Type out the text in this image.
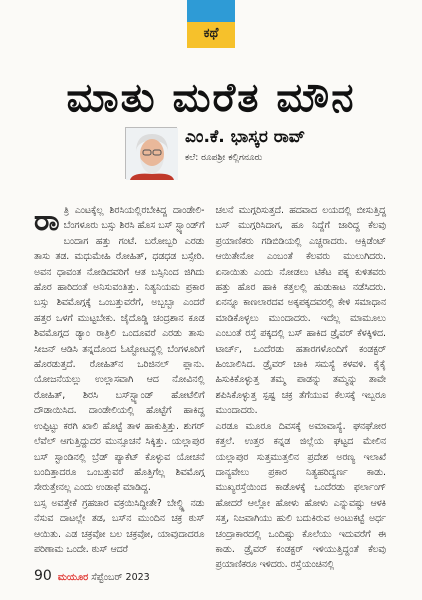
ಕಥೆ
ಮಾತು ಮರೆತ ಮೌನ
ಎಂ.ಕೆ. ಭಾಸ್ಕರ ರಾವ್
ಕಲೆ: ರೂಪಶ್ರೀ ಕಲ್ಲಿಗನೂರು

ರಾತ್ರಿ ಎಂಟಕ್ಕೆಲ್ಲ ಶಿರಸಿಯಲ್ಲಿರಬೇಕಿದ್ದ ದಾಂಡೇಲಿ-ಬೆಂಗಳೂರು ಬಸ್ಸು ಶಿರಸಿ ಹೊಸ ಬಸ್ ಸ್ಟ್ಯಾಂಡ್‌ಗೆ ಬಂದಾಗ ಹತ್ತು ಗಂಟೆ. ಬರೋಬ್ಬರಿ ಎರಡು ತಾಸು ತಡ. ಮಧುಮೇಹಿ ರೋಹಿತ್, ಧಡಧಡ ಬಸ್ಸೇರಿ. ಅವನ ಧಾವಂತ ನೋಡಿದವರಿಗೆ ಆತ ಬಸ್ಸಿನಿಂದ ಜಿಗಿದು ಹೊರ ಹಾರಿದಂತೆ ಅನಿಸುವಂತಿತ್ತು. ನಿತ್ಯನಿಯಮ ಪ್ರಕಾರ ಬಸ್ಸು ಶಿವಮೊಗ್ಗಕ್ಕೆ ಒಂಬತ್ತುವರೆಗೆ, ಅಬ್ಬಬ್ಬಾ ಎಂದರೆ ಹತ್ತರ ಒಳಗೆ ಮುಟ್ಟಬೇಕು. ಜೈದೊಡ್ಡಿ ಚಂದ್ರಶಾನ ಕೂಡ ಶಿವಮೊಗ್ಗದ ಡ್ಯಾಂ ರಾತ್ರಿಲಿ ಒಂದೂವರೆ ಎರಡು ತಾಸು ಸೀಜನ್ ಆಡಿಸಿ ತನ್ನದೊಂದ ಓಟ್ಟೋಟದ್ದಲ್ಲಿ ಬೆಂಗಳೂರಿಗೆ ಹೊರಡುತ್ತದೆ. ರೋಹಿತ್‌ನ ಒರಿಜಿನಲ್ ಪ್ಲಾನು. ಯೋಜನೆಯಲ್ಲು ಉಲ್ಲಾಸವಾಗಿ ಆದ ನೋವಿನಲ್ಲಿ ರೋಹಿತ್, ಶಿರಸಿ ಬಸ್‌ಸ್ಟ್ಯಾಂಡ್ ಹೋಟೆಲಿಗೆ ದೌಡಾಯಿಸಿದ. ದಾಂಡೇಲಿಯಲ್ಲಿ ಹೊಟ್ಟೆಗೆ ಹಾಕಿದ್ದ ಉಪ್ಪಿಟ್ಟು ಕರಗಿ ಖಾಲಿ ಹೊಟ್ಟೆ ತಾಳ ಹಾಕುತ್ತಿತ್ತು. ಶುಗರ್ ಲೆವೆಲ್ ಆಗುತ್ತಿದ್ದುದರ ಮುನ್ಸೂಚನೆ ಸಿಕ್ಕಿತ್ತು. ಯಲ್ಲಾಪುರ ಬಸ್ ಸ್ಟಾಂಡಿನಲ್ಲಿ ಬ್ರೆಡ್ ಪ್ಯಾಕೆಟ್ ಕೊಳ್ಳುವ ಯೋಚನೆ ಬಂದಿತ್ತಾದರೂ ಒಂಬತ್ತುವರೆ ಹೊತ್ತಿಗೆಲ್ಲ ಶಿವಮೊಗ್ಗ ಸೇರುತ್ತೇನಲ್ಲ ಎಂದು ಉಡಾಫೆ ಮಾಡಿದ್ದ.

ಬಸ್ಸ ಅವತ್ತೇಕೆ ಗ್ರಹಚಾರ ವಕ್ರಯಿಸಿದ್ದೀತೇ? ಬೇಲ್ಡ್ಡಿ ನಡು ನೆಸುವ ದಾಟಲ್ಲೇ ತಡ, ಬಸ್‌ನ ಮುಂದಿನ ಚಕ್ರ ಠುಸ್ ಆಯಿತು. ಎಡ ಚಕ್ರವೋ ಬಲ ಚಕ್ರವೋ, ಯಾವುದಾದರೂ ಪರಿಣಾಮ ಒಂದೇ. ಠುಸ್ ಆದರೆ

ಚಲನೆ ಮುಗ್ಗರಿಸುತ್ತದೆ. ಹದವಾದ ಲಯದಲ್ಲಿ ಬೀಸುತ್ತಿದ್ದ ಬಸ್ ಮುಗ್ಗರಿಸಿದಾಗ, ಹೂ ನಿದ್ದೆಗೆ ಜಾರಿದ್ದ ಕೆಲವು ಪ್ರಯಾಣಿಕರು ಗಡಿಬಿಡಿಯಲ್ಲಿ ಎಚ್ಚರಾದರು. ಆಕ್ಸಿಡೆಂಟ್ ಆಯಿತೇನೋ ಎಂಬಂತೆ ಕೆಲವರು ಮುಲುಗಿದರು. ಏನಾಯಿತು ಎಂದು ನೋಡಲು ಟಿಕೆಟ ಪಕ್ಕ ಕುಳಿತವರು ಹತ್ತು ಹೊರ ಹಾಕಿ ಕತ್ತಲಲ್ಲಿ ಹುಡುಕಾಟ ನಡೆಸಿದರು. ಏನನ್ನೂ ಕಾಣಲಾರದವ ಅಕ್ಕಪಕ್ಕದವರಲ್ಲಿ ಕೇಳಿ ಸಮಾಧಾನ ಮಾಡಿಕೊಳ್ಳಲು ಮುಂದಾದರು. ಇದೆಲ್ಲ ಮಾಮೂಲು ಎಂಬಂತೆ ರಸ್ತೆ ಪಕ್ಕದಲ್ಲಿ ಬಸ್ ಹಾಕಿದ ಡ್ರೈವರ್ ಕೆಳಕ್ಕಿಳಿದ. ಟಾರ್ಚ್, ಒಂದೆರಡು ಹತಾರಗಳೊಂದಿಗೆ ಕಂಡಕ್ಟರ್ ಹಿಂಬಾಲಿಸಿದ. ಡ್ರೈವರ್ ಚಾಕಿ ಸಮಸ್ಯೆ ಕಳವಳಿ. ಕೈಕೈ ಹಿಸುಕಿಕೊಳ್ಳುತ್ತ ತಮ್ಮ ಪಾಡನ್ನು ತಮ್ಮನ್ನು ತಾವೇ ಶಪಿಸಿಕೊಳ್ಳುತ್ತ ಸ್ಪಷ್ಟ ಚಕ್ರ ತೆಗೆಯುವ ಕೆಲಸಕ್ಕೆ ಇಬ್ಬರೂ ಮುಂದಾದರು.

ಎರಡೂ ಮೂರೂ ದಿವಸಕ್ಕೆ ಅಮಾವಾಸ್ಯೆ. ಘನಘೋರ ಕತ್ತಲೆ. ಉತ್ತರ ಕನ್ನಡ ಜಿಲ್ಲೆಯ ಘಟ್ಟದ ಮೇಲಿನ ಯಲ್ಲಾಪುರ ಸುತ್ತಮುತ್ತಲಿನ ಪ್ರದೇಶ ಅರಣ್ಯ ಇಲಾಖೆ ದಾನ್ಯವೇಲು ಪ್ರಕಾರ ನಿತ್ಯಹರಿದ್ವರ್ಣ ಕಾಡು. ಮುಖ್ಯರಸ್ತೆಯಿಂದ ಕಾಡೊಳಕ್ಕೆ ಒಂದೆರಡು ಫರ್ಲಾಂಗ್ ಹೋದರೆ ಆಲ್ಲೋ ಹೋಳು ಹೋಳು ಎನ್ನುವಷ್ಟು ಆಳಕಿ ಸತ್ತ, ನಿಜವಾಗಿಯು ಹುಲಿ ಬದುಕಿರುವ ಅಂಟುಕಟ್ಟೆ ಅರ್ಧ ಚಂದ್ರಾಕಾರದಲ್ಲಿ ಒಂದಿಷ್ಟು ಕೊಲೆಯು ಇದುವರೆಗೆ ಈ ಕಾಡು. ಡ್ರೈವರ್ ಕಂಡಕ್ಟರ್ ಇಳಿಯುತ್ತಿದ್ದಂತೆ ಕೆಲವು ಪ್ರಯಾಣಿಕರೂ ಇಳಿದರು. ರಸ್ತೆಯಂಚಿನಲ್ಲಿ

90 ಮಯೂರ ಸೆಪ್ಟೆಂಬರ್ 2023
